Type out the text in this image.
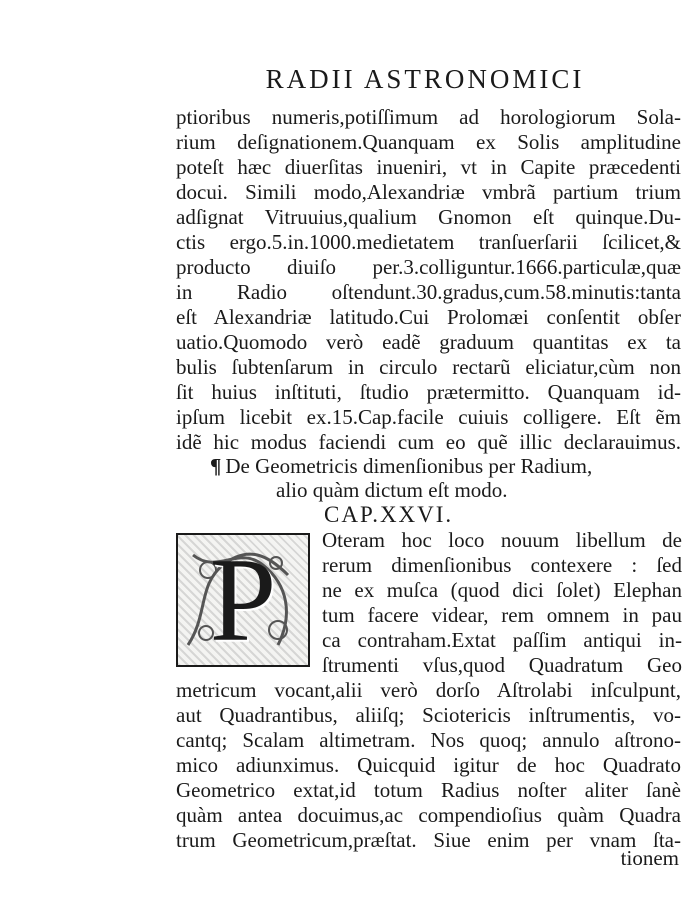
RADII ASTRONOMICI
ptioribus numeris,potiſſimum ad horologiorum Sola-
rium deſignationem.Quanquam ex Solis amplitudine
poteſt hæc diuerſitas inueniri, vt in Capite præcedenti
docui. Simili modo,Alexandriæ vmbrã partium trium
adſignat Vitruuius,qualium Gnomon eſt quinque.Du-
ctis ergo.5.in.1000.medietatem tranſuerſarii ſcilicet,&
producto diuiſo per.3.colliguntur.1666.particulæ,quæ
in Radio oſtendunt.30.gradus,cum.58.minutis:tanta
eſt Alexandriæ latitudo.Cui Prolomæi conſentit obſer
uatio.Quomodo verò eadẽ graduum quantitas ex ta
bulis ſubtenſarum in circulo rectarũ eliciatur,cùm non
ſit huius inſtituti, ſtudio prætermitto. Quanquam id-
ipſum licebit ex.15.Cap.facile cuiuis colligere. Eſt ẽm
idẽ hic modus faciendi cum eo quẽ illic declarauimus.
¶ De Geometricis dimenſionibus per Radium,
alio quàm dictum eſt modo.
CAP.XXVI.
P	Oteram hoc loco nouum libellum de
rerum dimenſionibus contexere : ſed
ne ex muſca (quod dici ſolet) Elephan
tum facere videar, rem omnem in pau
ca contraham.Extat paſſim antiqui in-
ſtrumenti vſus,quod Quadratum Geo
metricum vocant,alii verò dorſo Aſtrolabi inſculpunt,
aut Quadrantibus, aliiſq; Sciotericis inſtrumentis, vo-
cantq; Scalam altimetram. Nos quoq; annulo aſtrono-
mico adiunximus. Quicquid igitur de hoc Quadrato
Geometrico extat,id totum Radius noſter aliter ſanè
quàm antea docuimus,ac compendioſius quàm Quadra
trum Geometricum,præſtat. Siue enim per vnam ſta-
tionem
